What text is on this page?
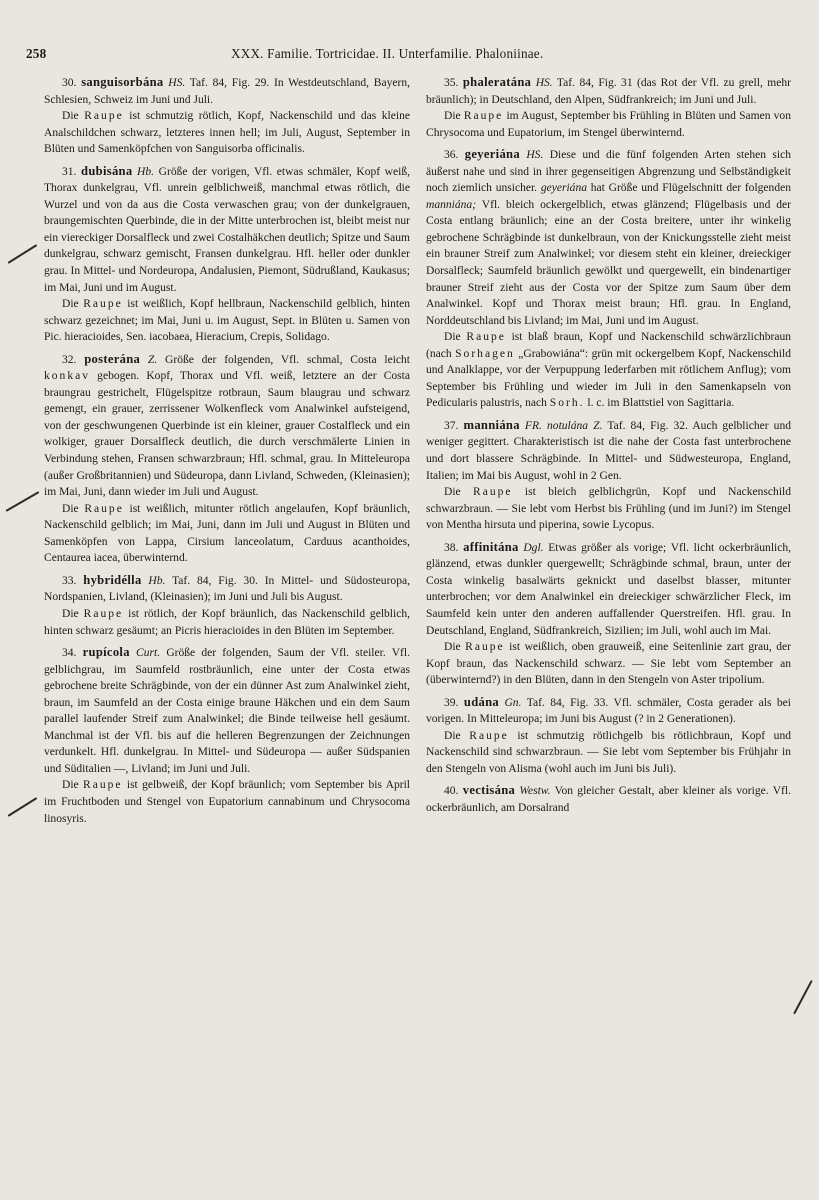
258	XXX. Familie. Tortricidae. II. Unterfamilie. Phaloniinae.

30. sanguisorbána HS. Taf. 84, Fig. 29. In Westdeutschland, Bayern, Schlesien, Schweiz im Juni und Juli.

Die Raupe ist schmutzig rötlich, Kopf, Nackenschild und das kleine Analschildchen schwarz, letzteres innen hell; im Juli, August, September in Blüten und Samenköpfchen von Sanguisorba officinalis.

31. dubisána Hb. Größe der vorigen, Vfl. etwas schmäler, Kopf weiß, Thorax dunkelgrau, Vfl. unrein gelblichweiß, manchmal etwas rötlich, die Wurzel und von da aus die Costa verwaschen grau; von der dunkelgrauen, braungemischten Querbinde, die in der Mitte unterbrochen ist, bleibt meist nur ein viereckiger Dorsalfleck und zwei Costalhäkchen deutlich; Spitze und Saum dunkelgrau, schwarz gemischt, Fransen dunkelgrau. Hfl. heller oder dunkler grau. In Mittel- und Nordeuropa, Andalusien, Piemont, Südrußland, Kaukasus; im Mai, Juni und im August.

Die Raupe ist weißlich, Kopf hellbraun, Nackenschild gelblich, hinten schwarz gezeichnet; im Mai, Juni u. im August, Sept. in Blüten u. Samen von Pic. hieracioides, Sen. iacobaea, Hieracium, Crepis, Solidago.

32. posterána Z. Größe der folgenden, Vfl. schmal, Costa leicht konkav gebogen. Kopf, Thorax und Vfl. weiß, letztere an der Costa braungrau gestrichelt, Flügelspitze rotbraun, Saum blaugrau und schwarz gemengt, ein grauer, zerrissener Wolkenfleck vom Analwinkel aufsteigend, von der geschwungenen Querbinde ist ein kleiner, grauer Costalfleck und ein wolkiger, grauer Dorsalfleck deutlich, die durch verschmälerte Linien in Verbindung stehen, Fransen schwarzbraun; Hfl. schmal, grau. In Mitteleuropa (außer Großbritannien) und Südeuropa, dann Livland, Schweden, (Kleinasien); im Mai, Juni, dann wieder im Juli und August.

Die Raupe ist weißlich, mitunter rötlich angelaufen, Kopf bräunlich, Nackenschild gelblich; im Mai, Juni, dann im Juli und August in Blüten und Samenköpfen von Lappa, Cirsium lanceolatum, Carduus acanthoides, Centaurea iacea, überwinternd.

33. hybridélla Hb. Taf. 84, Fig. 30. In Mittel- und Südosteuropa, Nordspanien, Livland, (Kleinasien); im Juni und Juli bis August.

Die Raupe ist rötlich, der Kopf bräunlich, das Nackenschild gelblich, hinten schwarz gesäumt; an Picris hieracioides in den Blüten im September.

34. rupícola Curt. Größe der folgenden, Saum der Vfl. steiler. Vfl. gelblichgrau, im Saumfeld rostbräunlich, eine unter der Costa etwas gebrochene breite Schrägbinde, von der ein dünner Ast zum Analwinkel zieht, braun, im Saumfeld an der Costa einige braune Häkchen und ein dem Saum parallel laufender Streif zum Analwinkel; die Binde teilweise hell gesäumt. Manchmal ist der Vfl. bis auf die helleren Begrenzungen der Zeichnungen verdunkelt. Hfl. dunkelgrau. In Mittel- und Südeuropa — außer Südspanien und Süditalien —, Livland; im Juni und Juli.

Die Raupe ist gelbweiß, der Kopf bräunlich; vom September bis April im Fruchtboden und Stengel von Eupatorium cannabinum und Chrysocoma linosyris.

35. phaleratána HS. Taf. 84, Fig. 31 (das Rot der Vfl. zu grell, mehr bräunlich); in Deutschland, den Alpen, Südfrankreich; im Juni und Juli.

Die Raupe im August, September bis Frühling in Blüten und Samen von Chrysocoma und Eupatorium, im Stengel überwinternd.

36. geyeriána HS. Diese und die fünf folgenden Arten stehen sich äußerst nahe und sind in ihrer gegenseitigen Abgrenzung und Selbständigkeit noch ziemlich unsicher. geyeriána hat Größe und Flügelschnitt der folgenden manniána; Vfl. bleich ockergelblich, etwas glänzend; Flügelbasis und der Costa entlang bräunlich; eine an der Costa breitere, unter ihr winkelig gebrochene Schrägbinde ist dunkelbraun, von der Knickungsstelle zieht meist ein brauner Streif zum Analwinkel; vor diesem steht ein kleiner, dreieckiger Dorsalfleck; Saumfeld bräunlich gewölkt und quergewellt, ein bindenartiger brauner Streif zieht aus der Costa vor der Spitze zum Saum über dem Analwinkel. Kopf und Thorax meist braun; Hfl. grau. In England, Norddeutschland bis Livland; im Mai, Juni und im August.

Die Raupe ist blaß braun, Kopf und Nackenschild schwärzlichbraun (nach Sorhagen „Grabowiána“: grün mit ockergelbem Kopf, Nackenschild und Analklappe, vor der Verpuppung lederfarben mit rötlichem Anflug); vom September bis Frühling und wieder im Juli in den Samenkapseln von Pedicularis palustris, nach Sorh. l. c. im Blattstiel von Sagittaria.

37. manniána FR. notulána Z. Taf. 84, Fig. 32. Auch gelblicher und weniger gegittert. Charakteristisch ist die nahe der Costa fast unterbrochene und dort blassere Schrägbinde. In Mittel- und Südwesteuropa, England, Italien; im Mai bis August, wohl in 2 Gen.

Die Raupe ist bleich gelblichgrün, Kopf und Nackenschild schwarzbraun. — Sie lebt vom Herbst bis Frühling (und im Juni?) im Stengel von Mentha hirsuta und piperina, sowie Lycopus.

38. affinitána Dgl. Etwas größer als vorige; Vfl. licht ockerbräunlich, glänzend, etwas dunkler quergewellt; Schrägbinde schmal, braun, unter der Costa winkelig basalwärts geknickt und daselbst blasser, mitunter unterbrochen; vor dem Analwinkel ein dreieckiger schwärzlicher Fleck, im Saumfeld kein unter den anderen auffallender Querstreifen. Hfl. grau. In Deutschland, England, Südfrankreich, Sizilien; im Juli, wohl auch im Mai.

Die Raupe ist weißlich, oben grauweiß, eine Seitenlinie zart grau, der Kopf braun, das Nackenschild schwarz. — Sie lebt vom September an (überwinternd?) in den Blüten, dann in den Stengeln von Aster tripolium.

39. udána Gn. Taf. 84, Fig. 33. Vfl. schmäler, Costa gerader als bei vorigen. In Mitteleuropa; im Juni bis August (? in 2 Generationen).

Die Raupe ist schmutzig rötlichgelb bis rötlichbraun, Kopf und Nackenschild sind schwarzbraun. — Sie lebt vom September bis Frühjahr in den Stengeln von Alisma (wohl auch im Juni bis Juli).

40. vectisána Westw. Von gleicher Gestalt, aber kleiner als vorige. Vfl. ockerbräunlich, am Dorsalrand
